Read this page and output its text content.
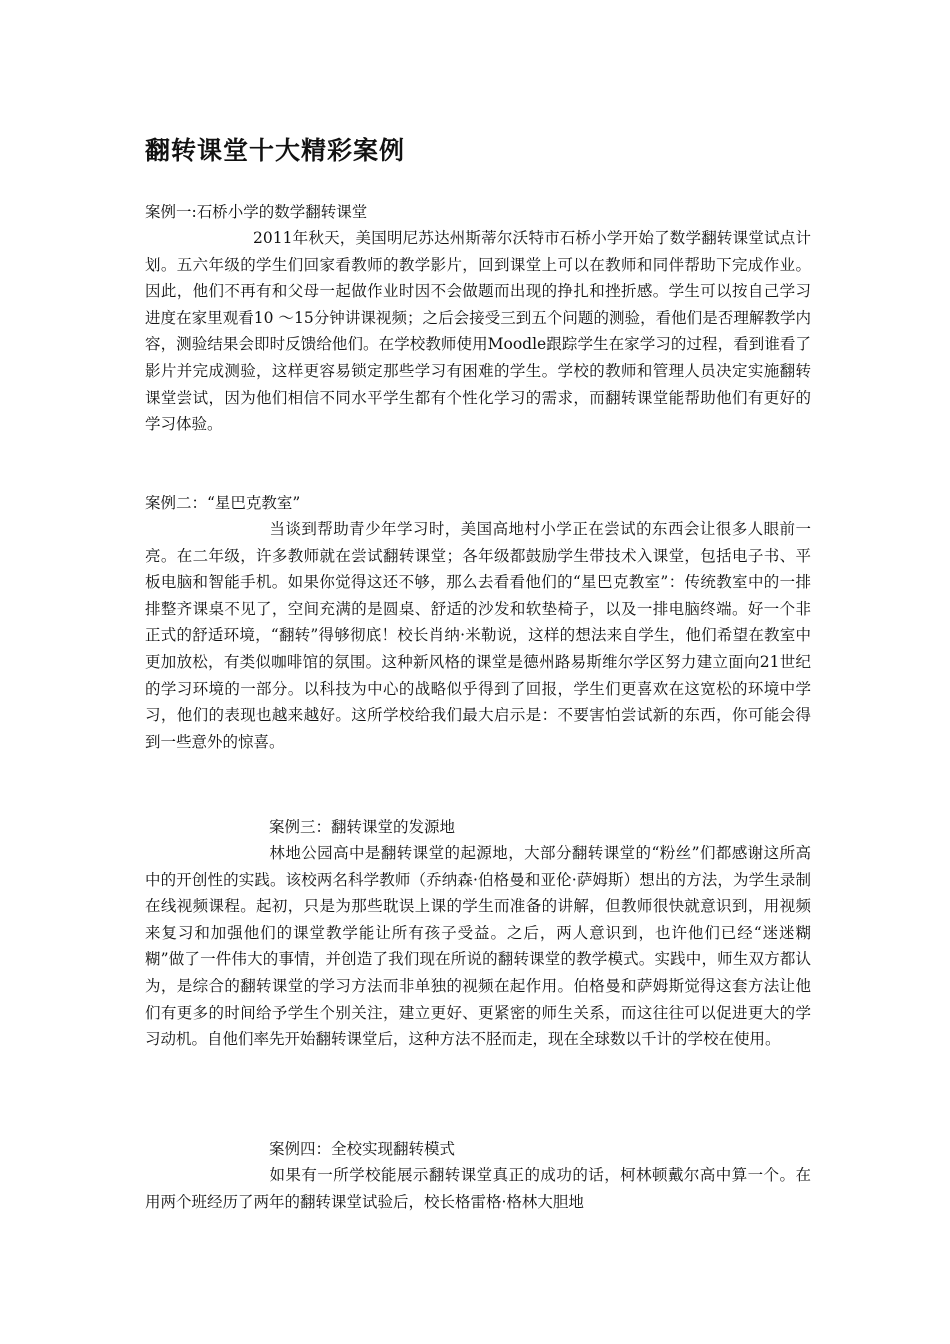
翻转课堂十大精彩案例

案例一:石桥小学的数学翻转课堂

2011年秋天，美国明尼苏达州斯蒂尔沃特市石桥小学开始了数学翻转课堂试点计划。五六年级的学生们回家看教师的教学影片，回到课堂上可以在教师和同伴帮助下完成作业。因此，他们不再有和父母一起做作业时因不会做题而出现的挣扎和挫折感。学生可以按自己学习进度在家里观看10 ～15分钟讲课视频；之后会接受三到五个问题的测验，看他们是否理解教学内容，测验结果会即时反馈给他们。在学校教师使用Moodle跟踪学生在家学习的过程，看到谁看了影片并完成测验，这样更容易锁定那些学习有困难的学生。学校的教师和管理人员决定实施翻转课堂尝试，因为他们相信不同水平学生都有个性化学习的需求，而翻转课堂能帮助他们有更好的学习体验。

案例二：“星巴克教室”

当谈到帮助青少年学习时，美国高地村小学正在尝试的东西会让很多人眼前一亮。在二年级，许多教师就在尝试翻转课堂；各年级都鼓励学生带技术入课堂，包括电子书、平板电脑和智能手机。如果你觉得这还不够，那么去看看他们的“星巴克教室”：传统教室中的一排排整齐课桌不见了，空间充满的是圆桌、舒适的沙发和软垫椅子，以及一排电脑终端。好一个非正式的舒适环境，“翻转”得够彻底！校长肖纳·米勒说，这样的想法来自学生，他们希望在教室中更加放松，有类似咖啡馆的氛围。这种新风格的课堂是德州路易斯维尔学区努力建立面向21世纪的学习环境的一部分。以科技为中心的战略似乎得到了回报，学生们更喜欢在这宽松的环境中学习，他们的表现也越来越好。这所学校给我们最大启示是：不要害怕尝试新的东西，你可能会得到一些意外的惊喜。

案例三：翻转课堂的发源地

林地公园高中是翻转课堂的起源地，大部分翻转课堂的“粉丝”们都感谢这所高中的开创性的实践。该校两名科学教师（乔纳森·伯格曼和亚伦·萨姆斯）想出的方法，为学生录制在线视频课程。起初，只是为那些耽误上课的学生而准备的讲解，但教师很快就意识到，用视频来复习和加强他们的课堂教学能让所有孩子受益。之后，两人意识到，也许他们已经“迷迷糊糊”做了一件伟大的事情，并创造了我们现在所说的翻转课堂的教学模式。实践中，师生双方都认为，是综合的翻转课堂的学习方法而非单独的视频在起作用。伯格曼和萨姆斯觉得这套方法让他们有更多的时间给予学生个别关注，建立更好、更紧密的师生关系，而这往往可以促进更大的学习动机。自他们率先开始翻转课堂后，这种方法不胫而走，现在全球数以千计的学校在使用。

案例四：全校实现翻转模式

如果有一所学校能展示翻转课堂真正的成功的话，柯林顿戴尔高中算一个。在用两个班经历了两年的翻转课堂试验后，校长格雷格·格林大胆地
